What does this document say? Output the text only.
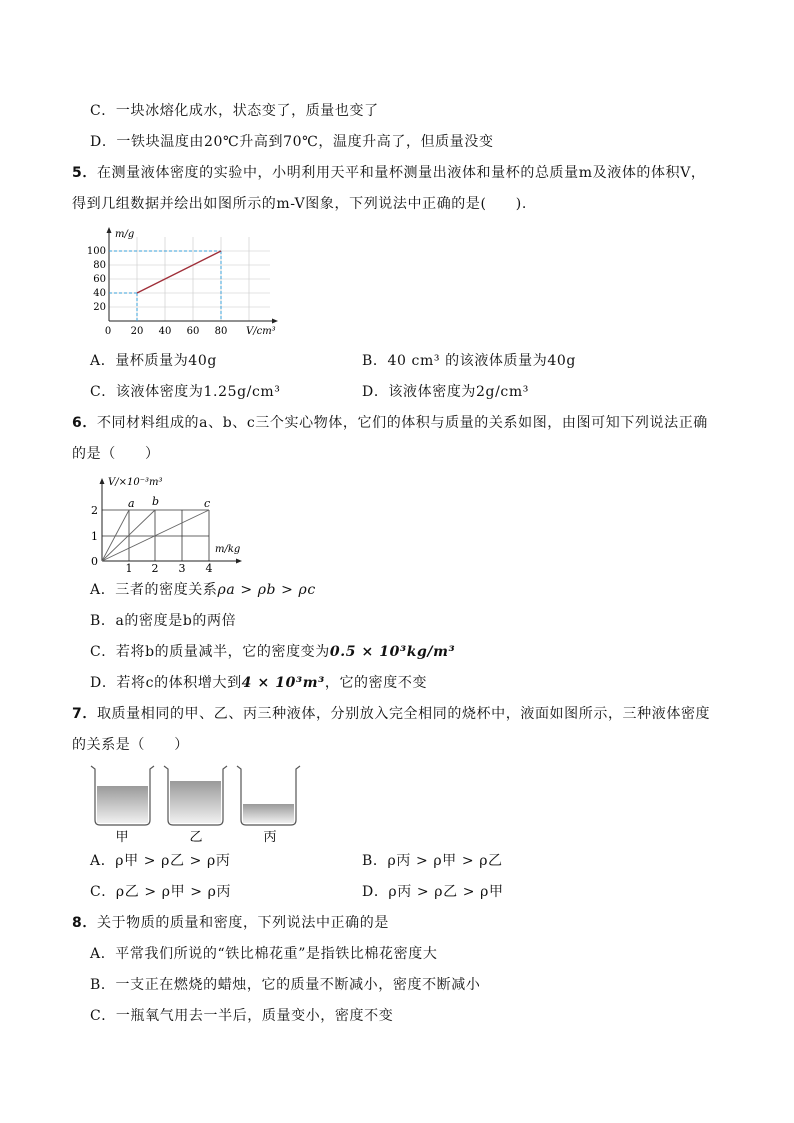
C．一块冰熔化成水，状态变了，质量也变了
D．一铁块温度由20℃升高到70℃，温度升高了，但质量没变
5．在测量液体密度的实验中，小明利用天平和量杯测量出液体和量杯的总质量m及液体的体积V，
得到几组数据并绘出如图所示的m-V图象，下列说法中正确的是(　　).
m/g
V/cm³
100
80
60
40
20
0 20 40 60 80
A．量杯质量为40g	B．40 cm³ 的该液体质量为40g
C．该液体密度为1.25g/cm³	D．该液体密度为2g/cm³
6．不同材料组成的a、b、c三个实心物体，它们的体积与质量的关系如图，由图可知下列说法正确
的是（　　）
a b	c
V/×10⁻³m³
m/kg
2
1
0
1 2 3 4
A．三者的密度关系ρa > ρb > ρc
B．a的密度是b的两倍
C．若将b的质量减半，它的密度变为0.5 × 10³kg/m³
D．若将c的体积增大到4 × 10³m³，它的密度不变
7．取质量相同的甲、乙、丙三种液体，分别放入完全相同的烧杯中，液面如图所示，三种液体密度
的关系是（　　）
甲	乙	丙
A．ρ甲 > ρ乙 > ρ丙	B．ρ丙 > ρ甲 > ρ乙
C．ρ乙 > ρ甲 > ρ丙	D．ρ丙 > ρ乙 > ρ甲
8．关于物质的质量和密度，下列说法中正确的是
A．平常我们所说的“铁比棉花重”是指铁比棉花密度大
B．一支正在燃烧的蜡烛，它的质量不断减小，密度不断减小
C．一瓶氧气用去一半后，质量变小，密度不变
